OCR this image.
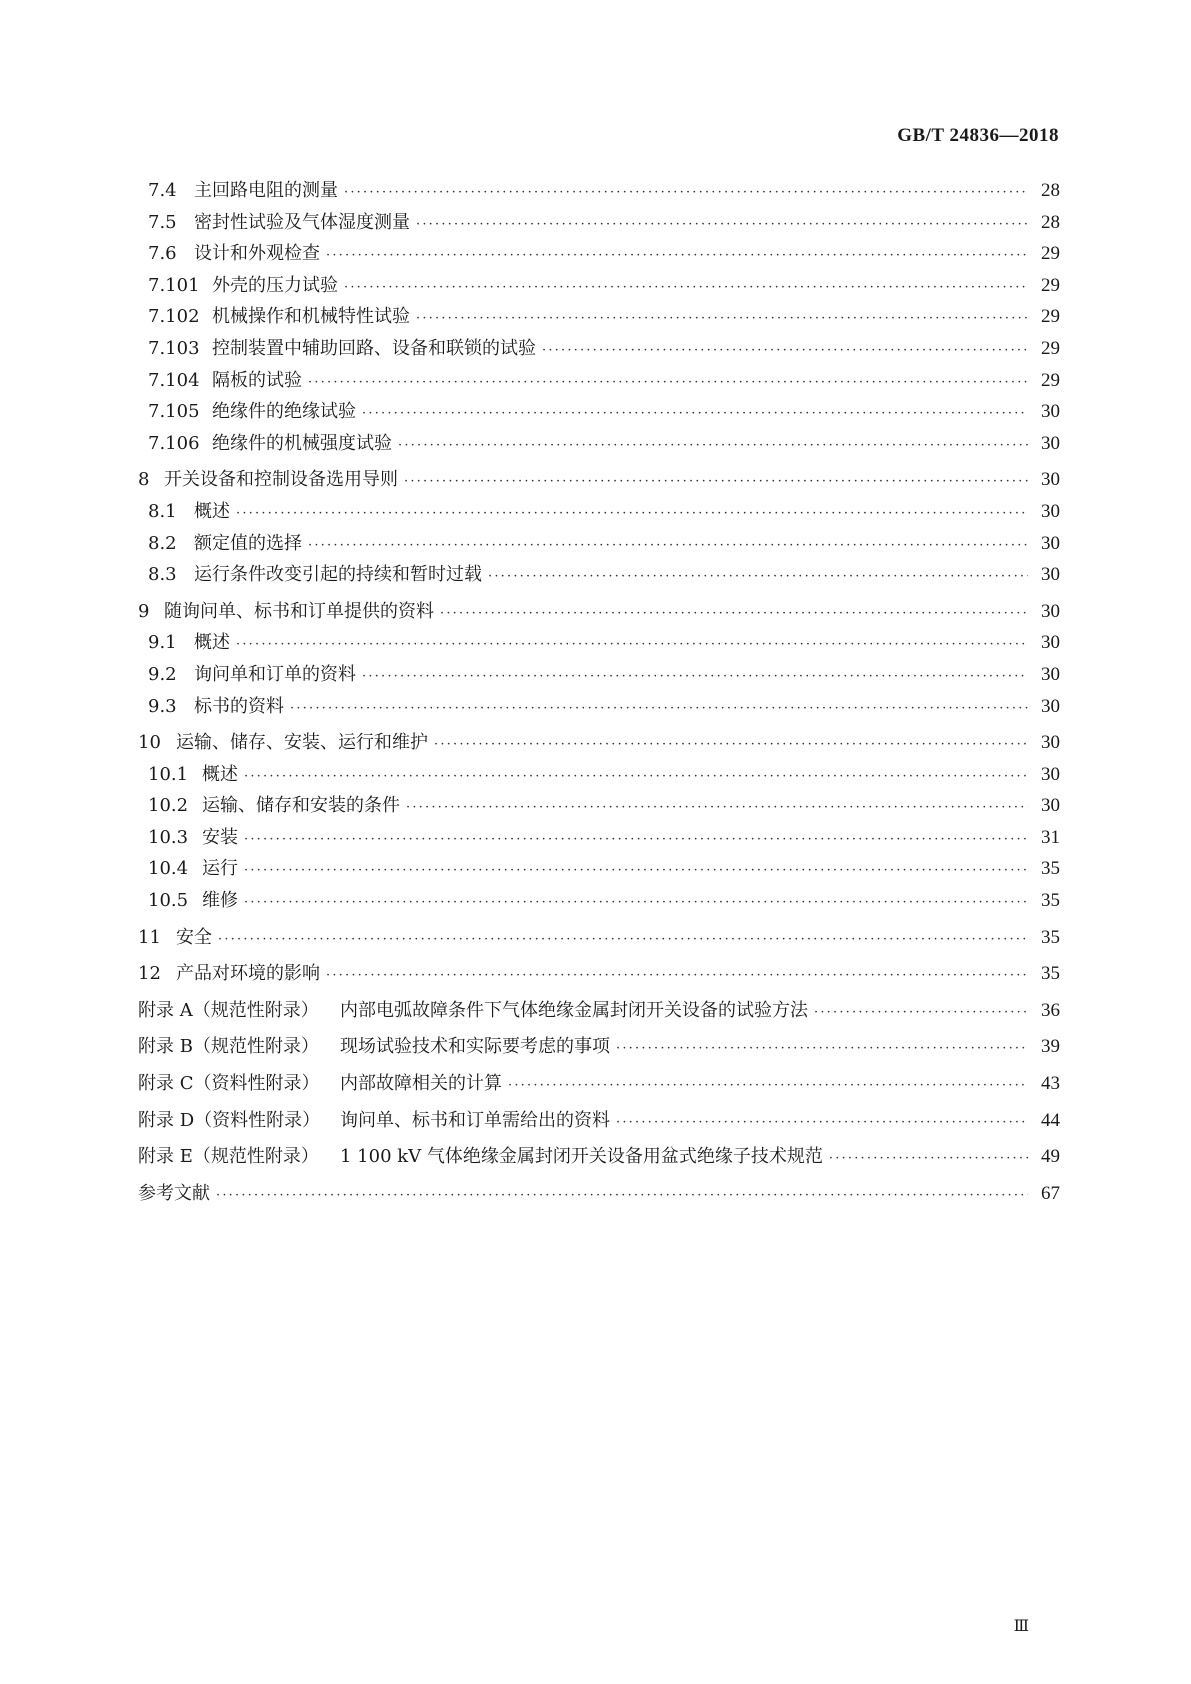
GB/T 24836—2018
7.4 主回路电阻的测量 ·····	28
7.5 密封性试验及气体湿度测量 ·····	28
7.6 设计和外观检查 ·····	29
7.101 外壳的压力试验 ·····	29
7.102 机械操作和机械特性试验 ·····	29
7.103 控制装置中辅助回路、设备和联锁的试验 ·····	29
7.104 隔板的试验 ·····	29
7.105 绝缘件的绝缘试验 ·····	30
7.106 绝缘件的机械强度试验 ·····	30
8 开关设备和控制设备选用导则 ·····	30
8.1 概述 ·····	30
8.2 额定值的选择 ·····	30
8.3 运行条件改变引起的持续和暂时过载 ·····	30
9 随询问单、标书和订单提供的资料 ·····	30
9.1 概述 ·····	30
9.2 询问单和订单的资料 ·····	30
9.3 标书的资料 ·····	30
10 运输、储存、安装、运行和维护 ·····	30
10.1 概述 ·····	30
10.2 运输、储存和安装的条件 ·····	30
10.3 安装 ·····	31
10.4 运行 ·····	35
10.5 维修 ·····	35
11 安全 ·····	35
12 产品对环境的影响 ·····	35
附录 A（规范性附录）	内部电弧故障条件下气体绝缘金属封闭开关设备的试验方法 ·····	36
附录 B（规范性附录）	现场试验技术和实际要考虑的事项 ·····	39
附录 C（资料性附录）	内部故障相关的计算 ·····	43
附录 D（资料性附录）	询问单、标书和订单需给出的资料 ·····	44
附录 E（规范性附录）	1 100 kV 气体绝缘金属封闭开关设备用盆式绝缘子技术规范 ·····	49
参考文献 ·····	67
Ⅲ
